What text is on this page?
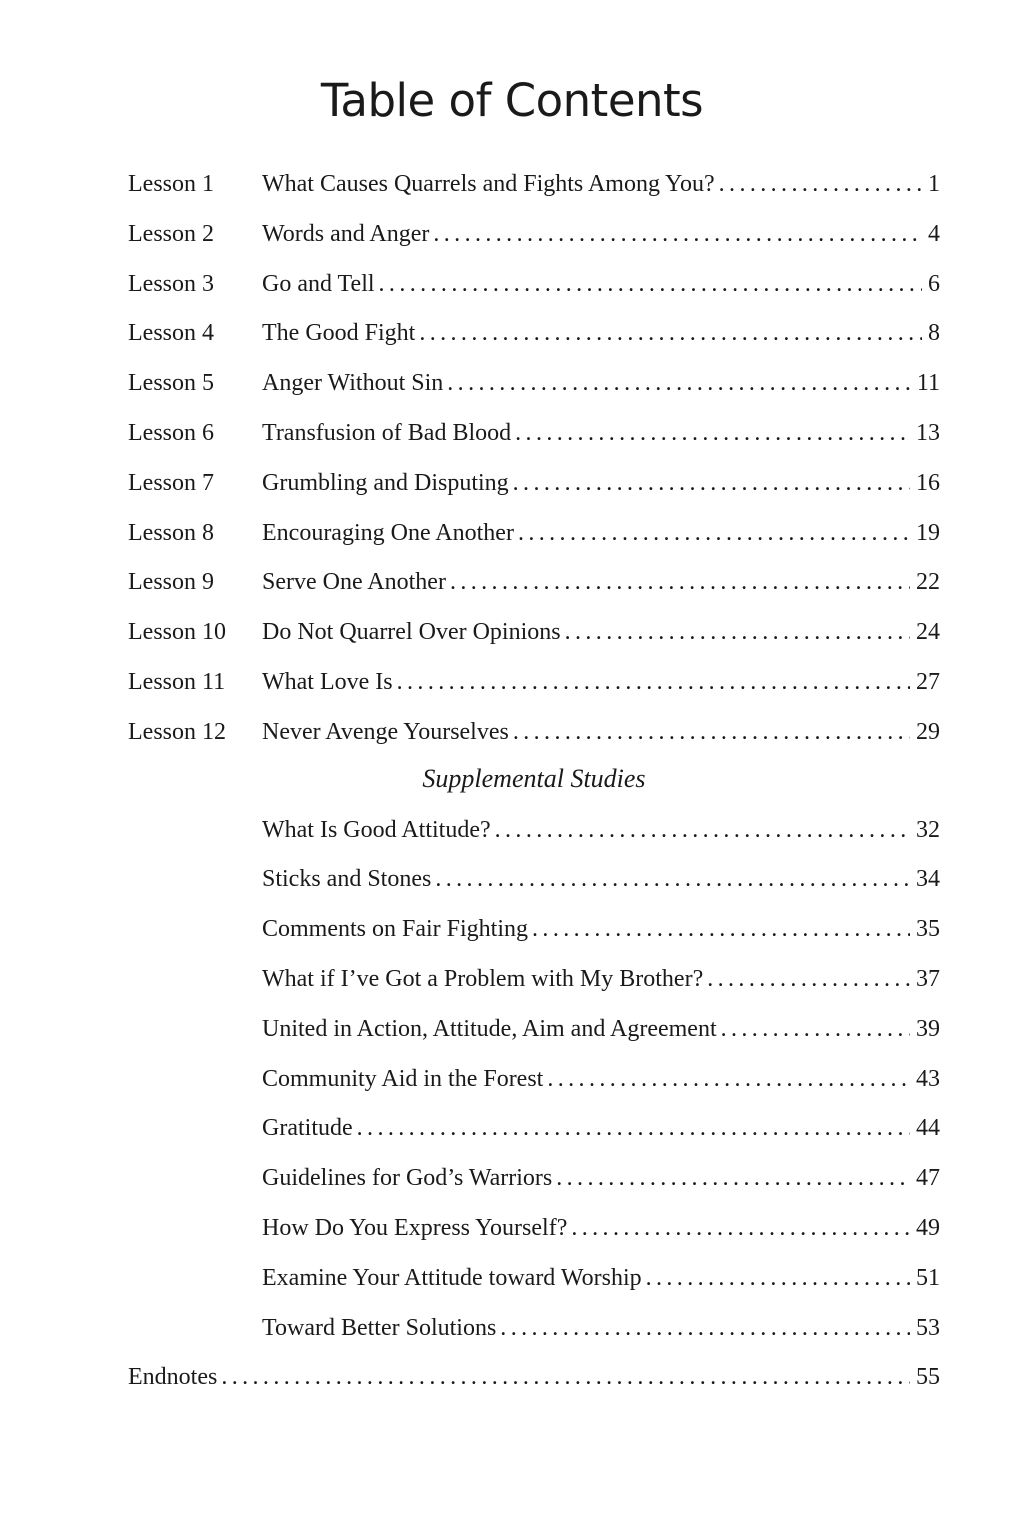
Table of Contents
Lesson 1	What Causes Quarrels and Fights Among You? . . .	1
Lesson 2	Words and Anger . . .	4
Lesson 3	Go and Tell . . .	6
Lesson 4	The Good Fight . . .	8
Lesson 5	Anger Without Sin . . .	11
Lesson 6	Transfusion of Bad Blood . . .	13
Lesson 7	Grumbling and Disputing . . .	16
Lesson 8	Encouraging One Another . . .	19
Lesson 9	Serve One Another . . .	22
Lesson 10	Do Not Quarrel Over Opinions . . .	24
Lesson 11	What Love Is . . .	27
Lesson 12	Never Avenge Yourselves . . .	29
Supplemental Studies
What Is Good Attitude? . . .	32
Sticks and Stones . . .	34
Comments on Fair Fighting . . .	35
What if I’ve Got a Problem with My Brother? . . .	37
United in Action, Attitude, Aim and Agreement . . .	39
Community Aid in the Forest . . .	43
Gratitude . . .	44
Guidelines for God’s Warriors . . .	47
How Do You Express Yourself? . . .	49
Examine Your Attitude toward Worship . . .	51
Toward Better Solutions . . .	53
Endnotes . . .	55
